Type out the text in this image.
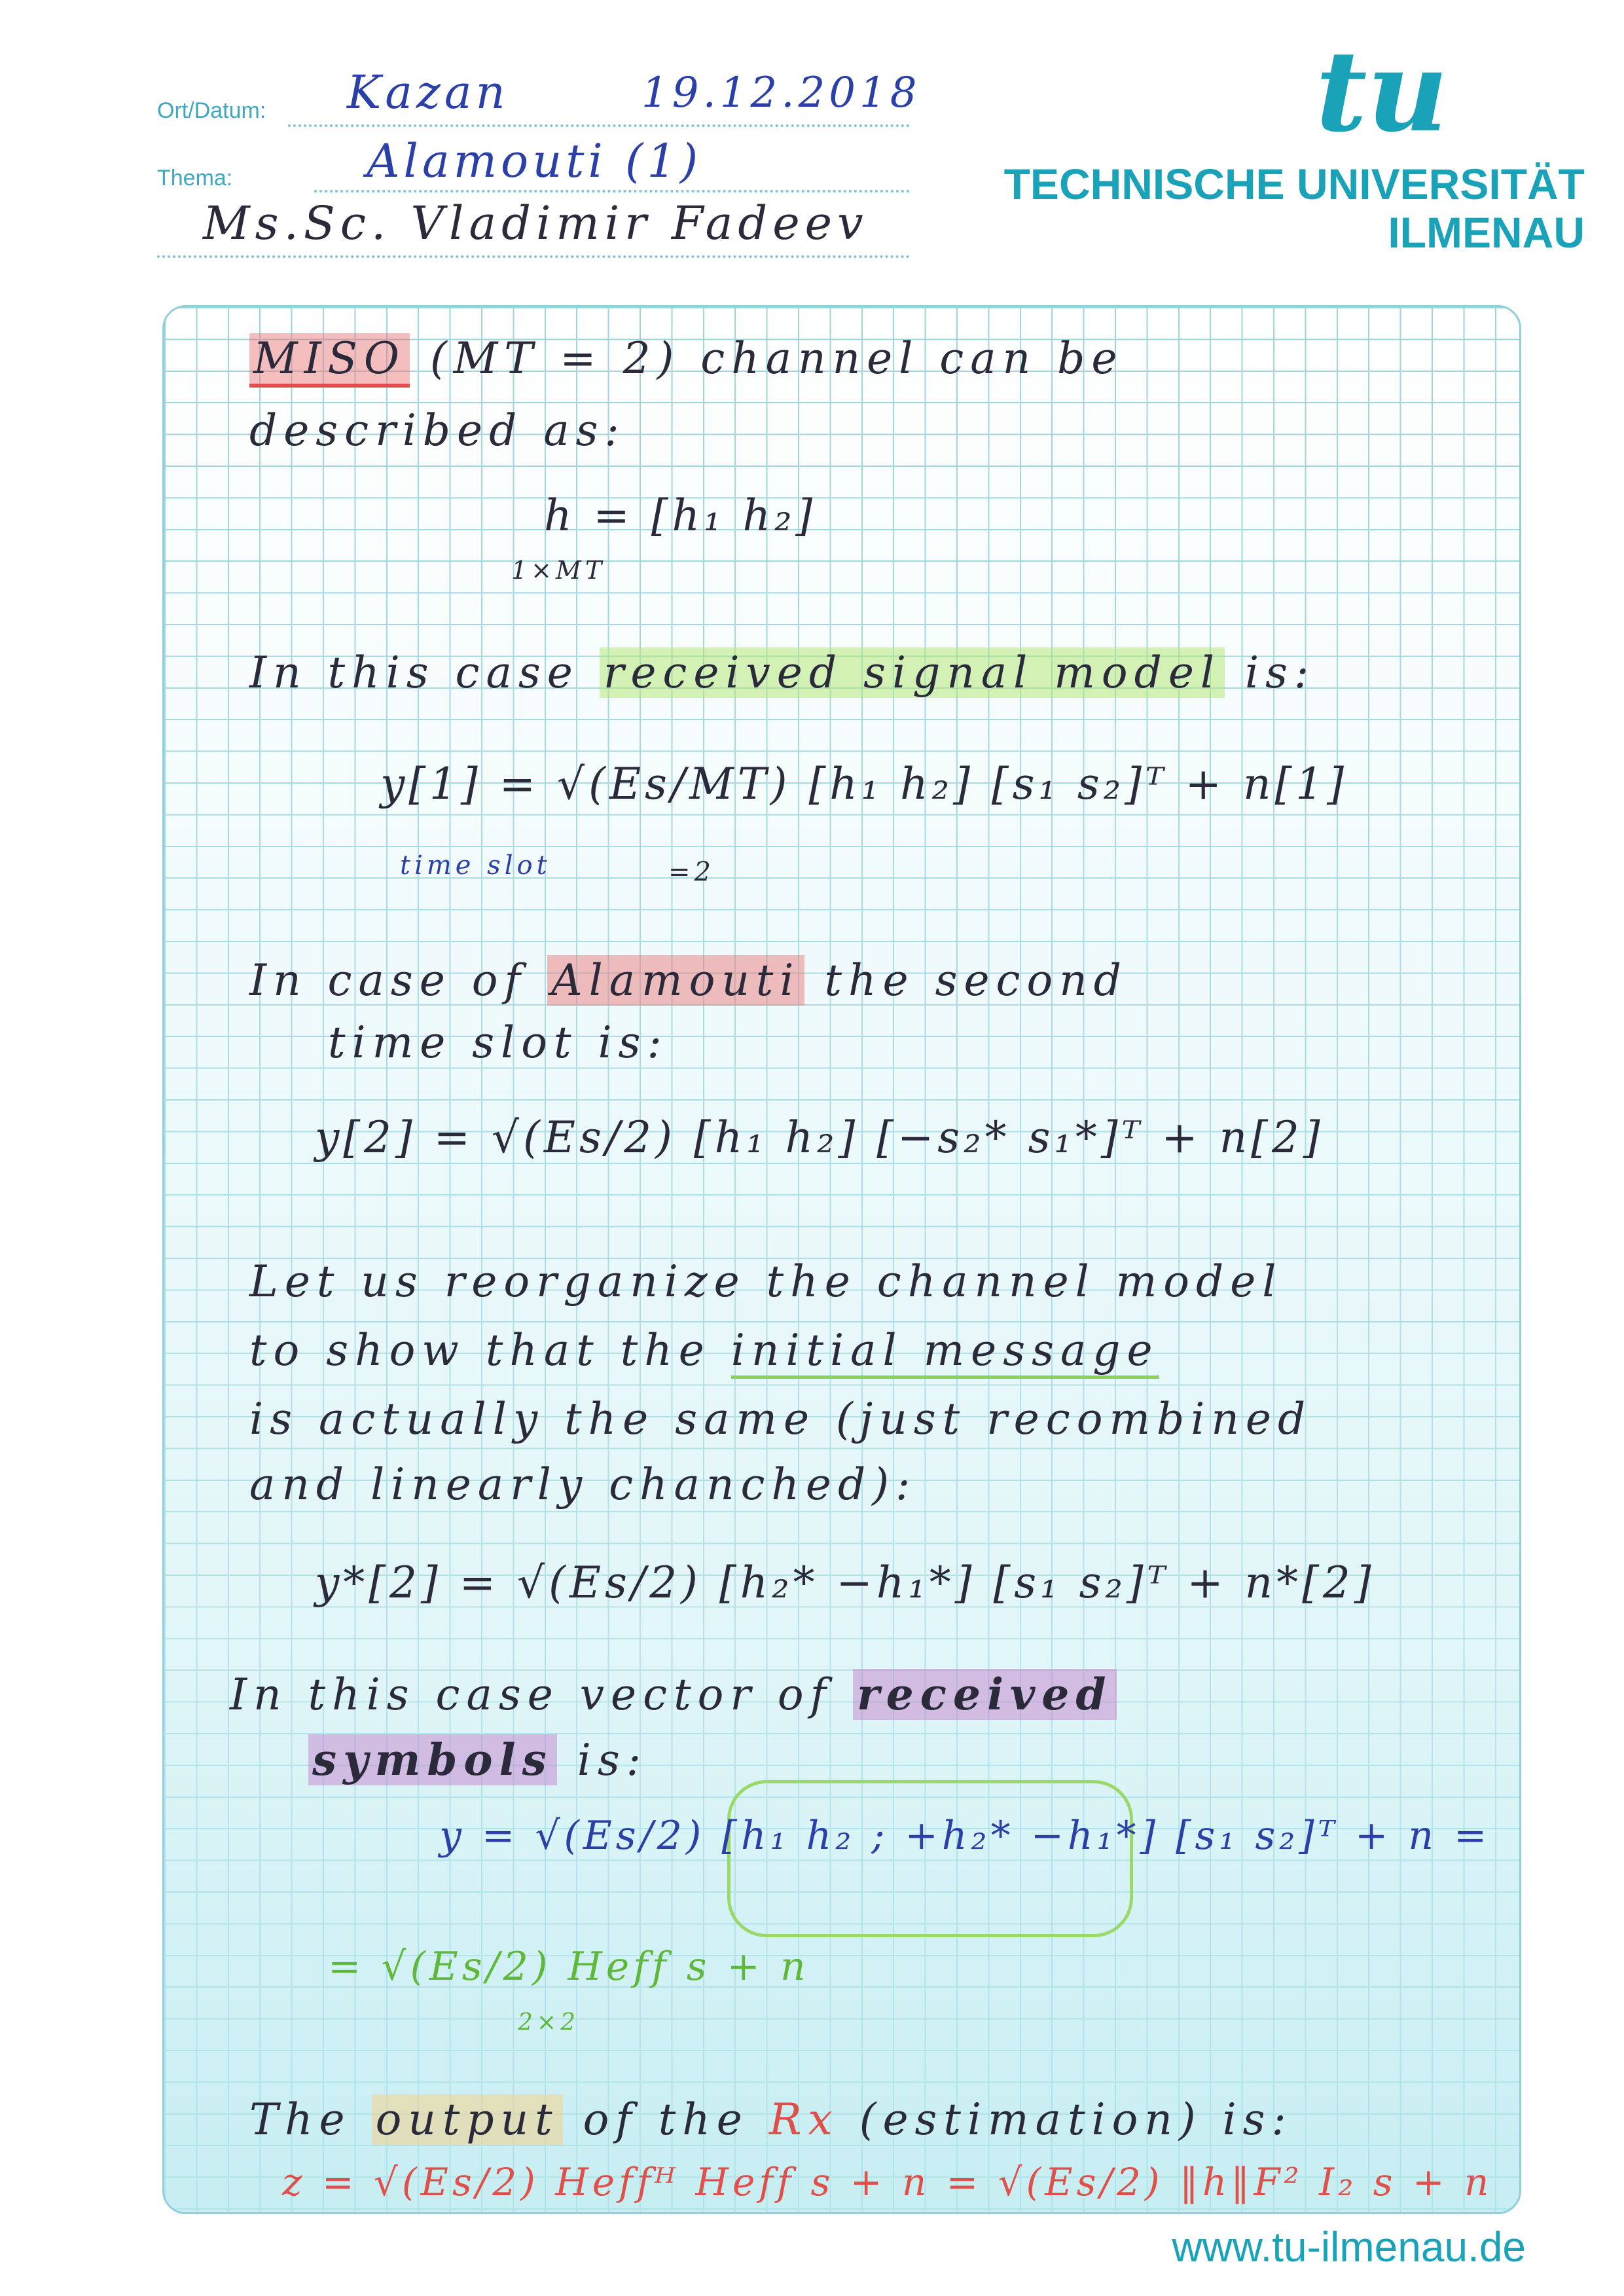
Ort/Datum: Kazan	19.12.2018
Thema:	Alamouti (1)
Ms.Sc. Vladimir Fadeev
tu
TECHNISCHE UNIVERSITÄT
ILMENAU
MISO (MT = 2) channel can be
described as:
h = [h₁ h₂]
1×MT
In this case received signal model is:
y[1] = √(Es/MT) [h₁ h₂] [s₁ s₂]ᵀ + n[1]
time slot	=2
In case of Alamouti the second
time slot is:
y[2] = √(Es/2) [h₁ h₂] [−s₂* s₁*]ᵀ + n[2]
Let us reorganize the channel model
to show that the initial message
is actually the same (just recombined
and linearly chanched):
y*[2] = √(Es/2) [h₂* −h₁*] [s₁ s₂]ᵀ + n*[2]
In this case vector of received
symbols is:
y = √(Es/2) [h₁ h₂ ; +h₂* −h₁*] [s₁ s₂]ᵀ + n =
= √(Es/2) Heff s + n
2×2
The output of the Rx (estimation) is:
z = √(Es/2) Heffᴴ Heff s + n = √(Es/2) ‖h‖F² I₂ s + n
www.tu-ilmenau.de
